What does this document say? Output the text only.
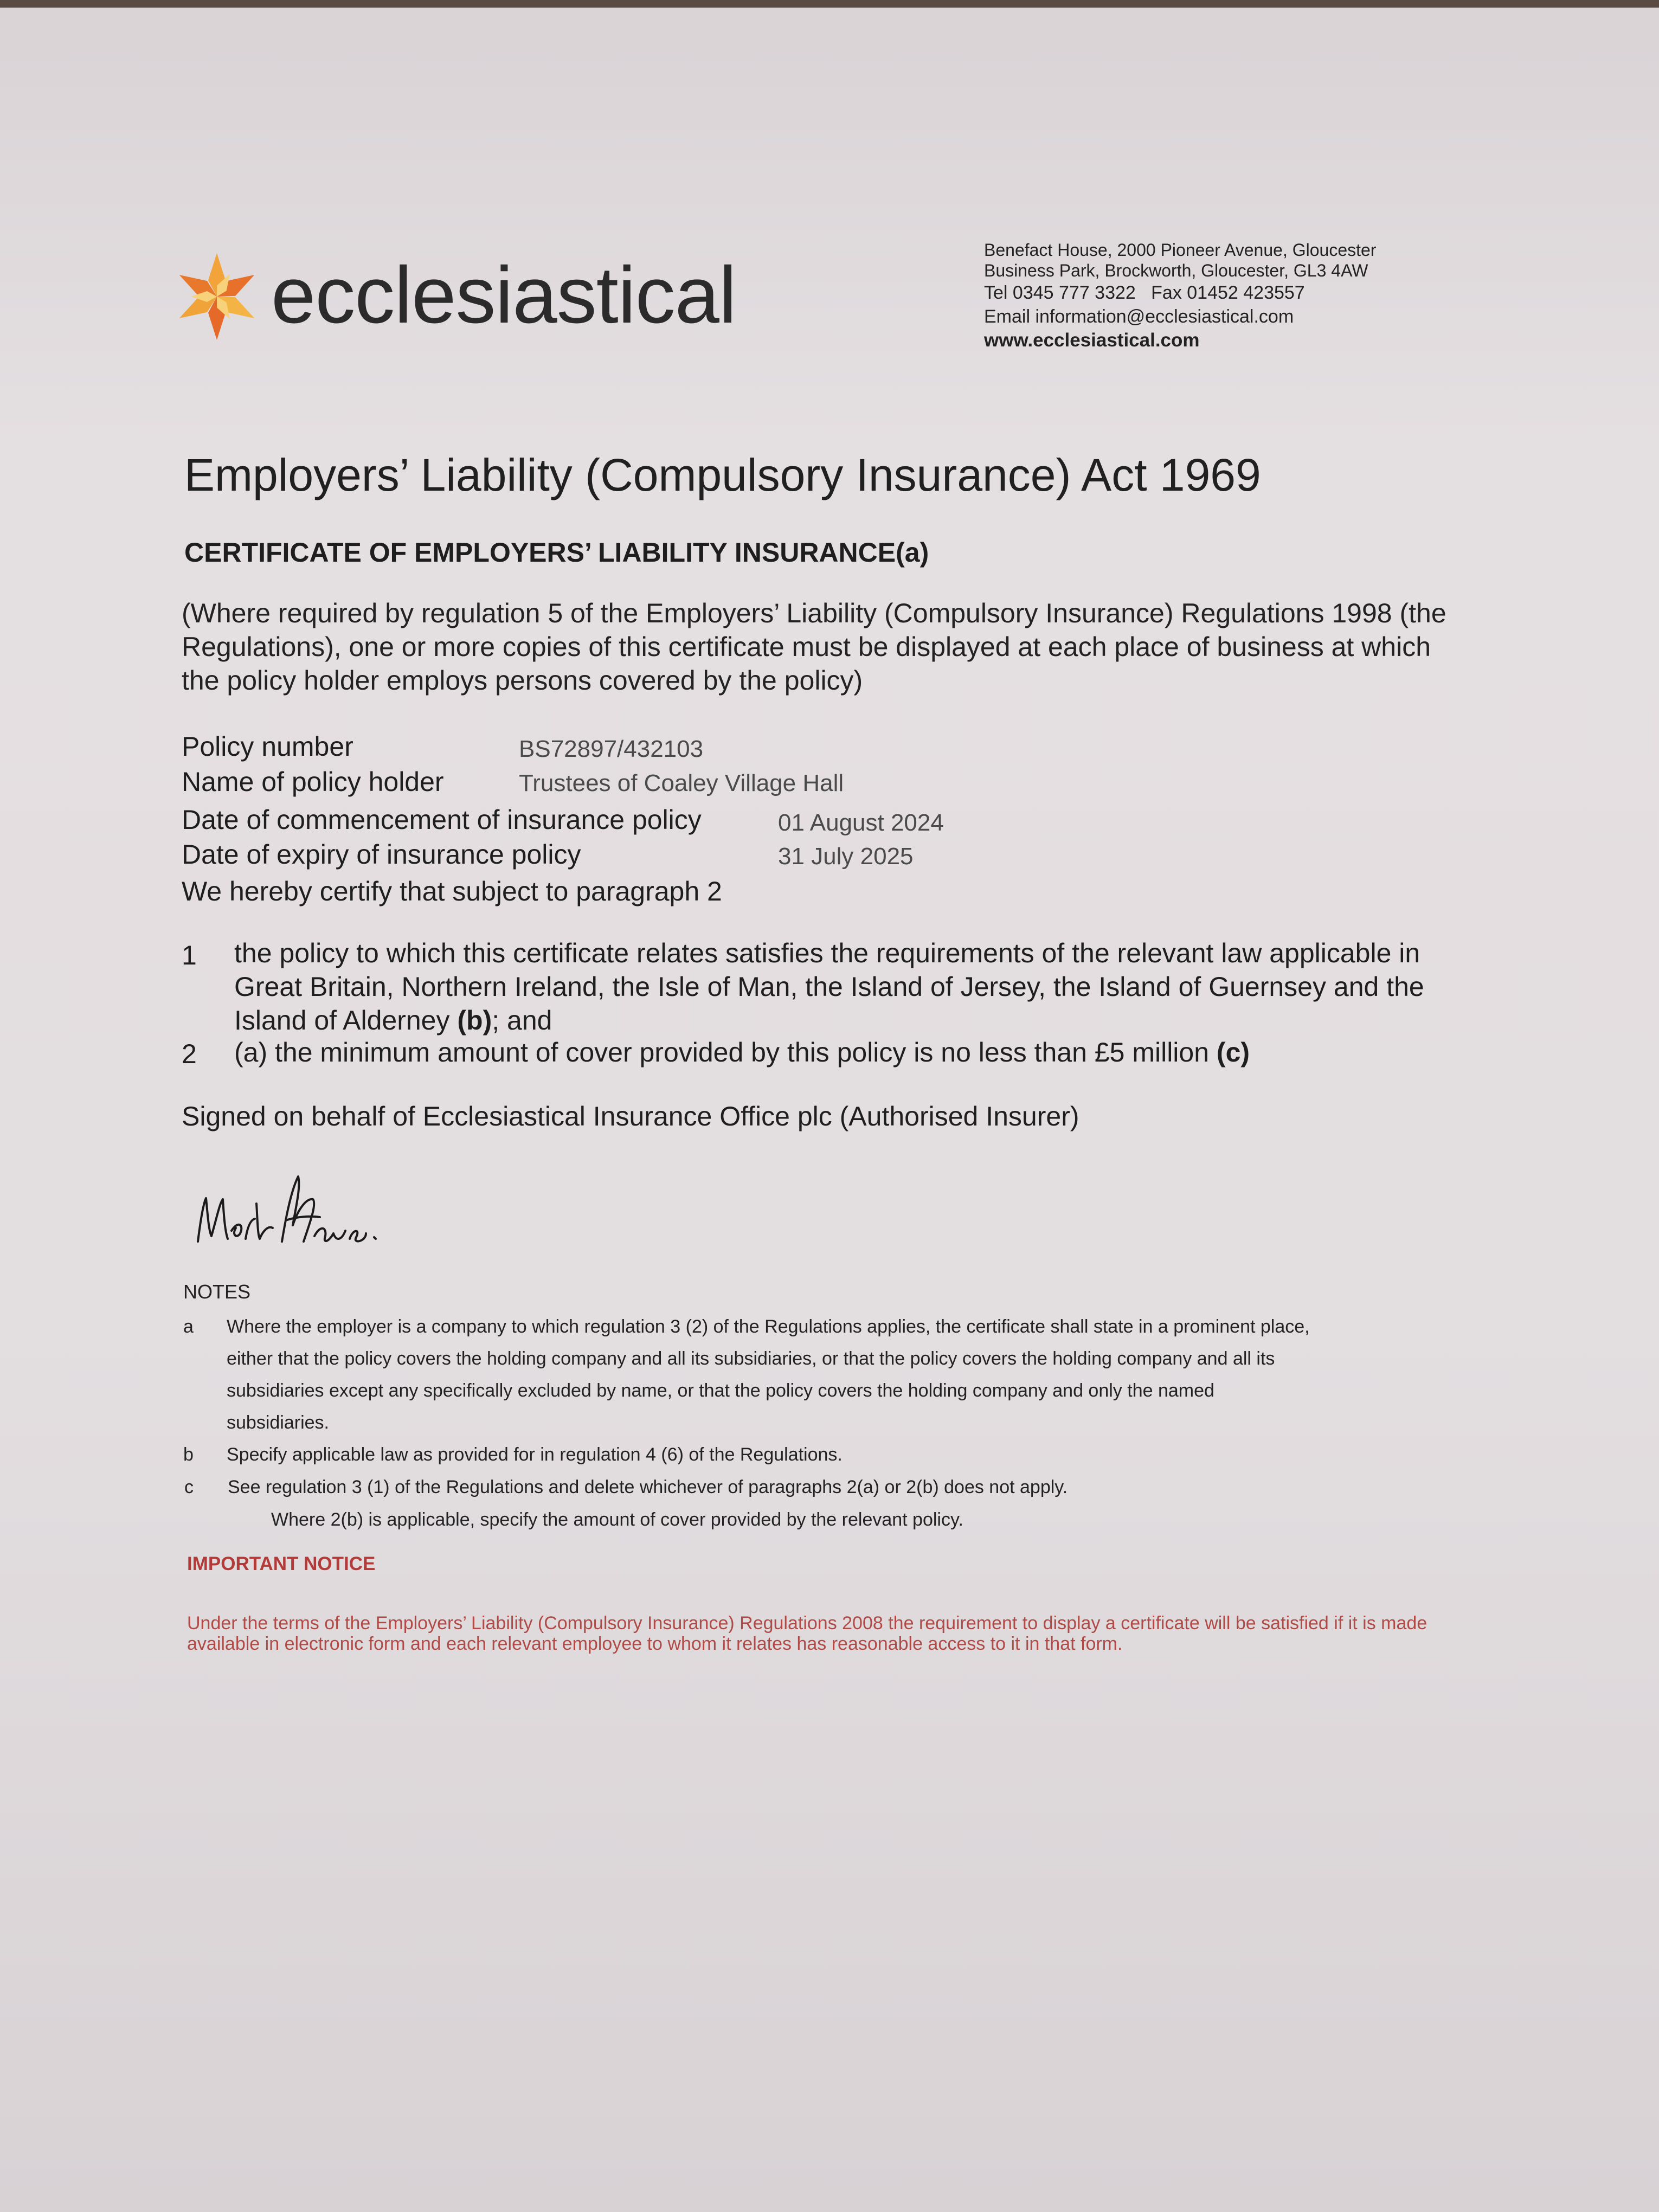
ecclesiastical
Benefact House, 2000 Pioneer Avenue, Gloucester
Business Park, Brockworth, Gloucester, GL3 4AW
Tel 0345 777 3322   Fax 01452 423557
Email information@ecclesiastical.com
www.ecclesiastical.com
Employers’ Liability (Compulsory Insurance) Act 1969
CERTIFICATE OF EMPLOYERS’ LIABILITY INSURANCE(a)
(Where required by regulation 5 of the Employers’ Liability (Compulsory Insurance) Regulations 1998 (the Regulations), one or more copies of this certificate must be displayed at each place of business at which the policy holder employs persons covered by the policy)
Policy number	BS72897/432103
Name of policy holder	Trustees of Coaley Village Hall
Date of commencement of insurance policy	01 August 2024
Date of expiry of insurance policy	31 July 2025
We hereby certify that subject to paragraph 2
1 the policy to which this certificate relates satisfies the requirements of the relevant law applicable in Great Britain, Northern Ireland, the Isle of Man, the Island of Jersey, the Island of Guernsey and the Island of Alderney (b); and
2 (a) the minimum amount of cover provided by this policy is no less than £5 million (c)
Signed on behalf of Ecclesiastical Insurance Office plc (Authorised Insurer)
NOTES
a Where the employer is a company to which regulation 3 (2) of the Regulations applies, the certificate shall state in a prominent place,
either that the policy covers the holding company and all its subsidiaries, or that the policy covers the holding company and all its
subsidiaries except any specifically excluded by name, or that the policy covers the holding company and only the named
subsidiaries.
b Specify applicable law as provided for in regulation 4 (6) of the Regulations.
c See regulation 3 (1) of the Regulations and delete whichever of paragraphs 2(a) or 2(b) does not apply.
Where 2(b) is applicable, specify the amount of cover provided by the relevant policy.
IMPORTANT NOTICE
Under the terms of the Employers’ Liability (Compulsory Insurance) Regulations 2008 the requirement to display a certificate will be satisfied if it is made available in electronic form and each relevant employee to whom it relates has reasonable access to it in that form.
